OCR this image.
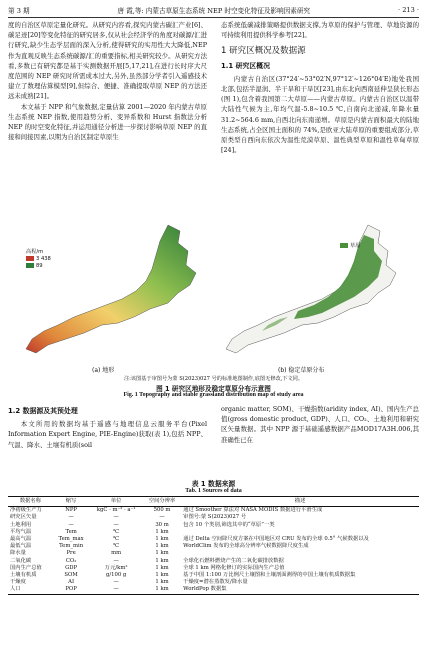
第 3 期	唐 霞,等: 内蒙古草原生态系统 NEP 时空变化特征及影响因素研究	· 213 ·

度的自治区草原定量化研究。从研究内容看,探究内蒙古碳汇产业[6]、碳足迹[20]等变化特征的研究居多,仅从社会经济学的角度对碳源/汇进行研究,缺少生态学层面的深入分析,使得研究的实用性大大降低,NEP 作为直观反映生态系统碳源/汇的重要指标,相关研究较少。从研究方法看,多数已有研究都是基于实测数据开展[5,17,21],在进行长时序大尺度范围的 NEP 研究时所需成本过大,另外,虽然部分学者引入遥感技术建立了数理估算模型[9],但综合、便捷、准确提取草原 NEP 的方法还远未成熟[21]。

本文基于 NPP 和气象数据,定量估算 2001—2020 年内蒙古草原生态系统 NEP 指数,使用趋势分析、变异系数和 Hurst 指数法分析 NEP 的时空变化特征,并运用通径分析进一步探讨影响草原 NEP 的直接和间接因素,以期为自治区制定草原生

态系统低碳减排策略提供数据支撑,为草原的保护与管理、草地资源的可持续利用提供科学参考[22]。

1 研究区概况及数据源
1.1 研究区概况

内蒙古自治区(37°24′~53°02′N,97°12′~126°04′E)地处我国北部,包括半湿润、半干旱和干旱区[23],由东北向西南延伸呈狭长形态(图 1),包含着我国第二大草原——内蒙古草原。内蒙古自治区以温带大陆性气候为主,年均气温-5.8~10.5 ℃,自南向北递减,年降水量 31.2~564.6 mm,自西北向东南递增。草原是内蒙古面积最大的陆地生态系统,占全区国土面积的 74%,是欧亚大陆草原的重要组成部分,草原类型自西向东依次为温性荒漠草原、温性典型草原和温性草甸草原[24]。

高程/m
3 438
89
(a) 地形
草原
(b) 稳定草原分布
注:该图基于审图号为蒙 S(2023)027 号的标准地图制作,底图无修改,下文同。
图 1 研究区地形及稳定草原分布示意图
Fig. 1 Topography and stable grassland distribution map of study area
1.2 数据源及其预处理

本文所用的数据均基于遥感与地理信息云服务平台(Pixel Information Expert Engine, PIE-Engine)获取(表 1),包括 NPP、气温、降水、土壤有机质(soil

organic matter, SOM)、干燥指数(aridity index, AI)、国内生产总值(gross domestic product, GDP)、人口、CO₂、土地利用和研究区矢量数据。其中 NPP 源于基础遥感数据产品MOD17A3H.006,其准确性已在

表 1 数据来源
Tab. 1 Sources of data
数据名称	缩写	单位	空间分辨率	描述
净初级生产力	NPP	kgC · m⁻² · a⁻¹	500 m	通过 Smoother 算法对 NASA MODIS 数据进行平滑生成
研究区矢量	—	—	—	审图号:蒙 S(2023)027 号
土地利用	—	—	30 m	包含 10 个类别,筛选其中的“草原”一类
平均气温	Tem	℃	1 km	
最高气温	Tem_max	℃	1 km	通过 Delta 空间降尺度方案在中国地区对 CRU 发布的全球 0.5° 气候数据以及
最低气温	Tem_min	℃	1 km	WorldClim 发布的全球高分辨率气候数据降尺度生成
降水量	Pre	mm	1 km	
二氧化碳	CO₂	—	1 km	全球化石燃料燃烧产生的二氧化碳排放数据
国内生产总值	GDP	万元/km²	1 km	全球 1 km 网格化修订的实际国内生产总值
土壤有机质	SOM	g/100 g	1 km	基于中国 1:100 万比例尺土壤图和土壤剖面测得的中国土壤有机质数据集
干燥度	AI	—	1 km	干燥度=潜在蒸散发/降水量
人口	POP	—	1 km	WorldPop 数据集
